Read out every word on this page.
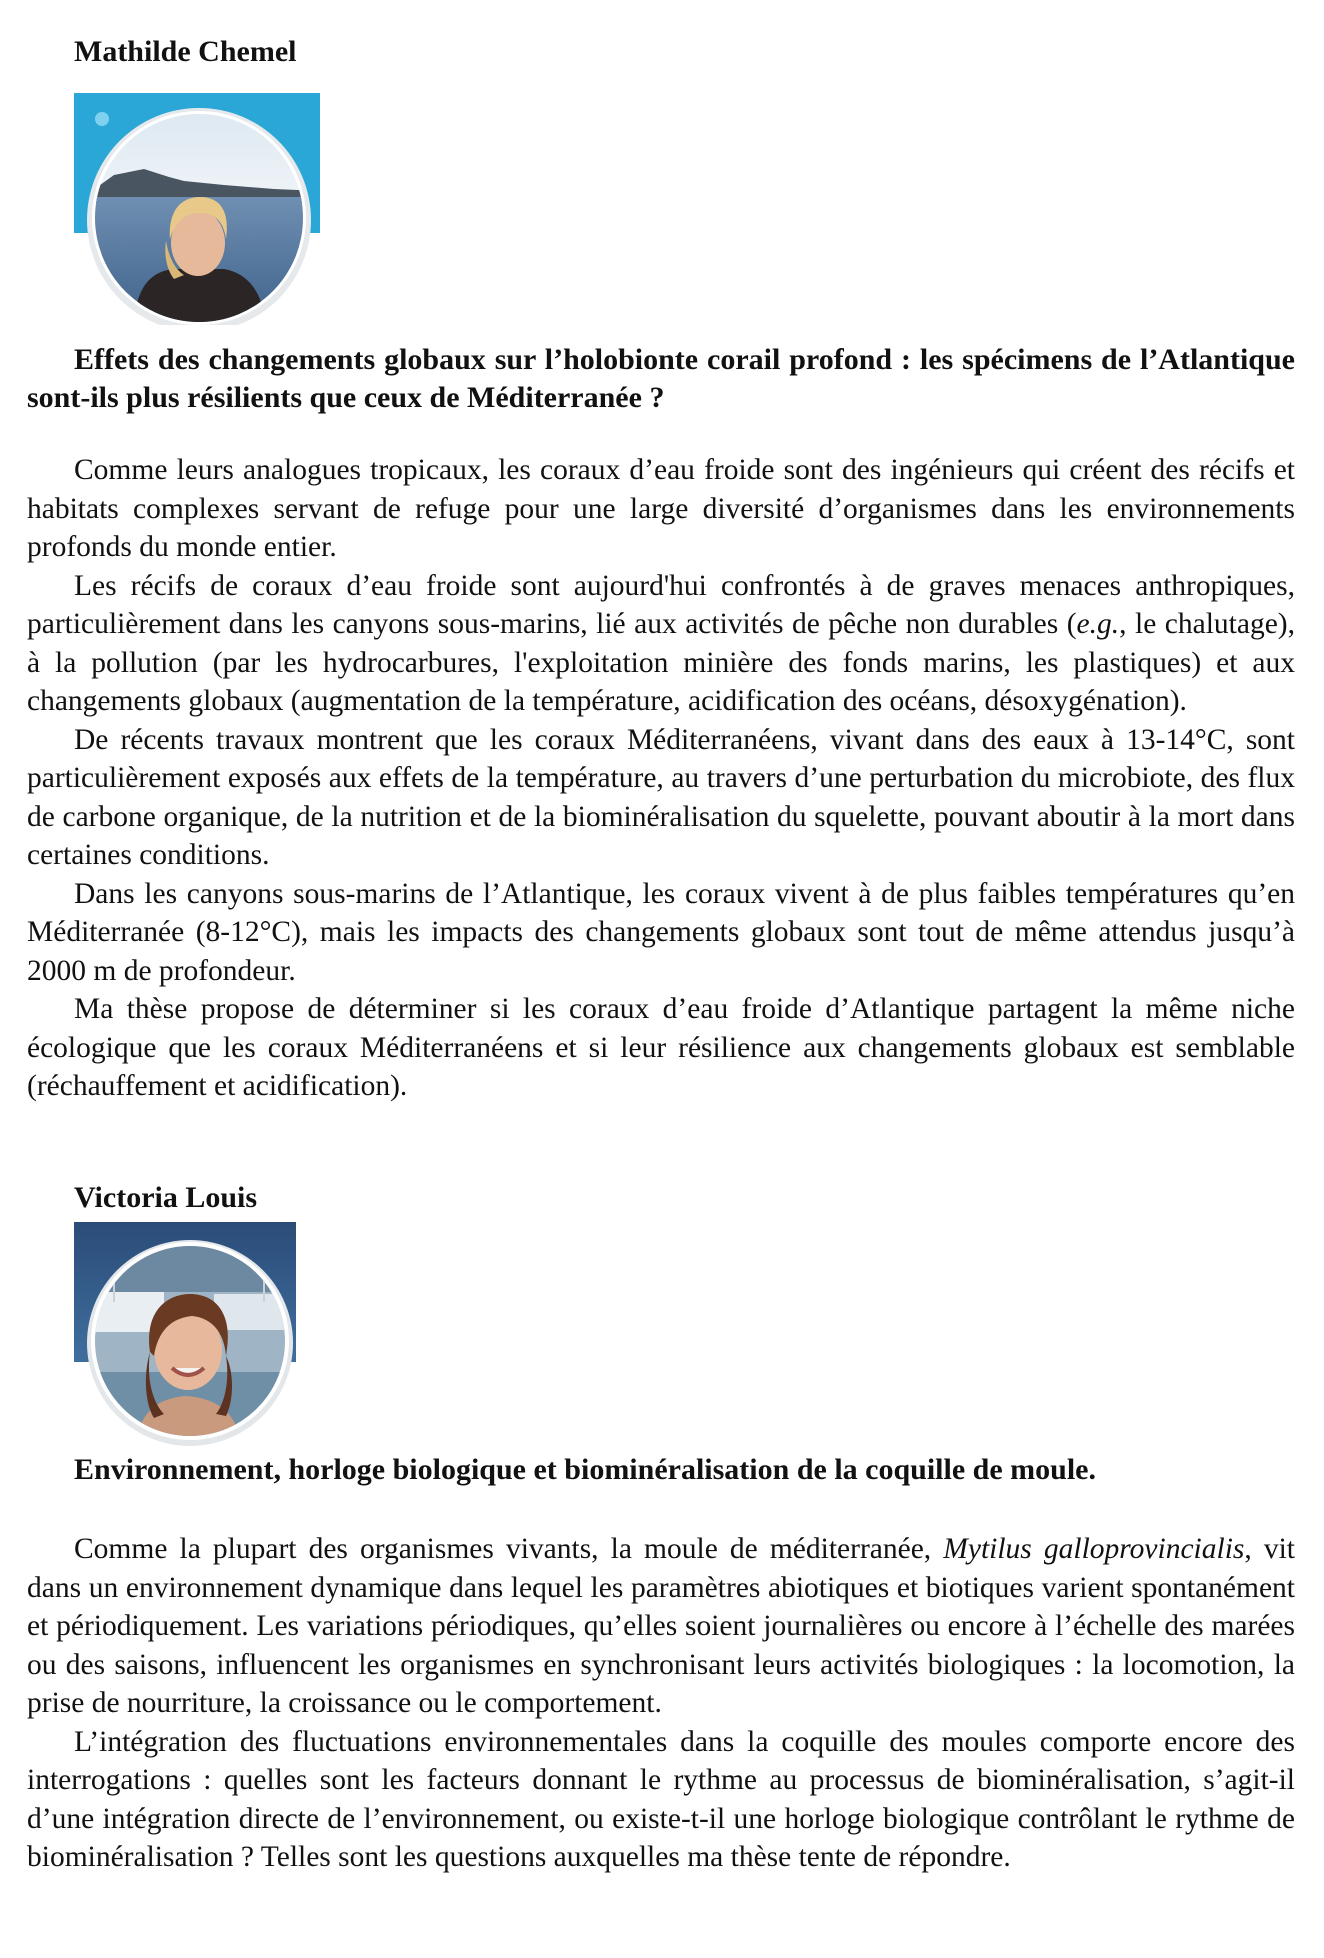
Mathilde Chemel
Effets des changements globaux sur l’holobionte corail profond : les spécimens de l’Atlantique sont-ils plus résilients que ceux de Méditerranée ?

Comme leurs analogues tropicaux, les coraux d’eau froide sont des ingénieurs qui créent des récifs et habitats complexes servant de refuge pour une large diversité d’organismes dans les environnements profonds du monde entier.

Les récifs de coraux d’eau froide sont aujourd'hui confrontés à de graves menaces anthropiques, particulièrement dans les canyons sous-marins, lié aux activités de pêche non durables (e.g., le chalutage), à la pollution (par les hydrocarbures, l'exploitation minière des fonds marins, les plastiques) et aux changements globaux (augmentation de la température, acidification des océans, désoxygénation).

De récents travaux montrent que les coraux Méditerranéens, vivant dans des eaux à 13-14°C, sont particulièrement exposés aux effets de la température, au travers d’une perturbation du microbiote, des flux de carbone organique, de la nutrition et de la biominéralisation du squelette, pouvant aboutir à la mort dans certaines conditions.

Dans les canyons sous-marins de l’Atlantique, les coraux vivent à de plus faibles températures qu’en Méditerranée (8-12°C), mais les impacts des changements globaux sont tout de même attendus jusqu’à 2000 m de profondeur.

Ma thèse propose de déterminer si les coraux d’eau froide d’Atlantique partagent la même niche écologique que les coraux Méditerranéens et si leur résilience aux changements globaux est semblable (réchauffement et acidification).

Victoria Louis
Environnement, horloge biologique et biominéralisation de la coquille de moule.

Comme la plupart des organismes vivants, la moule de méditerranée, Mytilus galloprovincialis, vit dans un environnement dynamique dans lequel les paramètres abiotiques et biotiques varient spontanément et périodiquement. Les variations périodiques, qu’elles soient journalières ou encore à l’échelle des marées ou des saisons, influencent les organismes en synchronisant leurs activités biologiques : la locomotion, la prise de nourriture, la croissance ou le comportement.

L’intégration des fluctuations environnementales dans la coquille des moules comporte encore des interrogations : quelles sont les facteurs donnant le rythme au processus de biominéralisation, s’agit-il d’une intégration directe de l’environnement, ou existe-t-il une horloge biologique contrôlant le rythme de biominéralisation ? Telles sont les questions auxquelles ma thèse tente de répondre.
